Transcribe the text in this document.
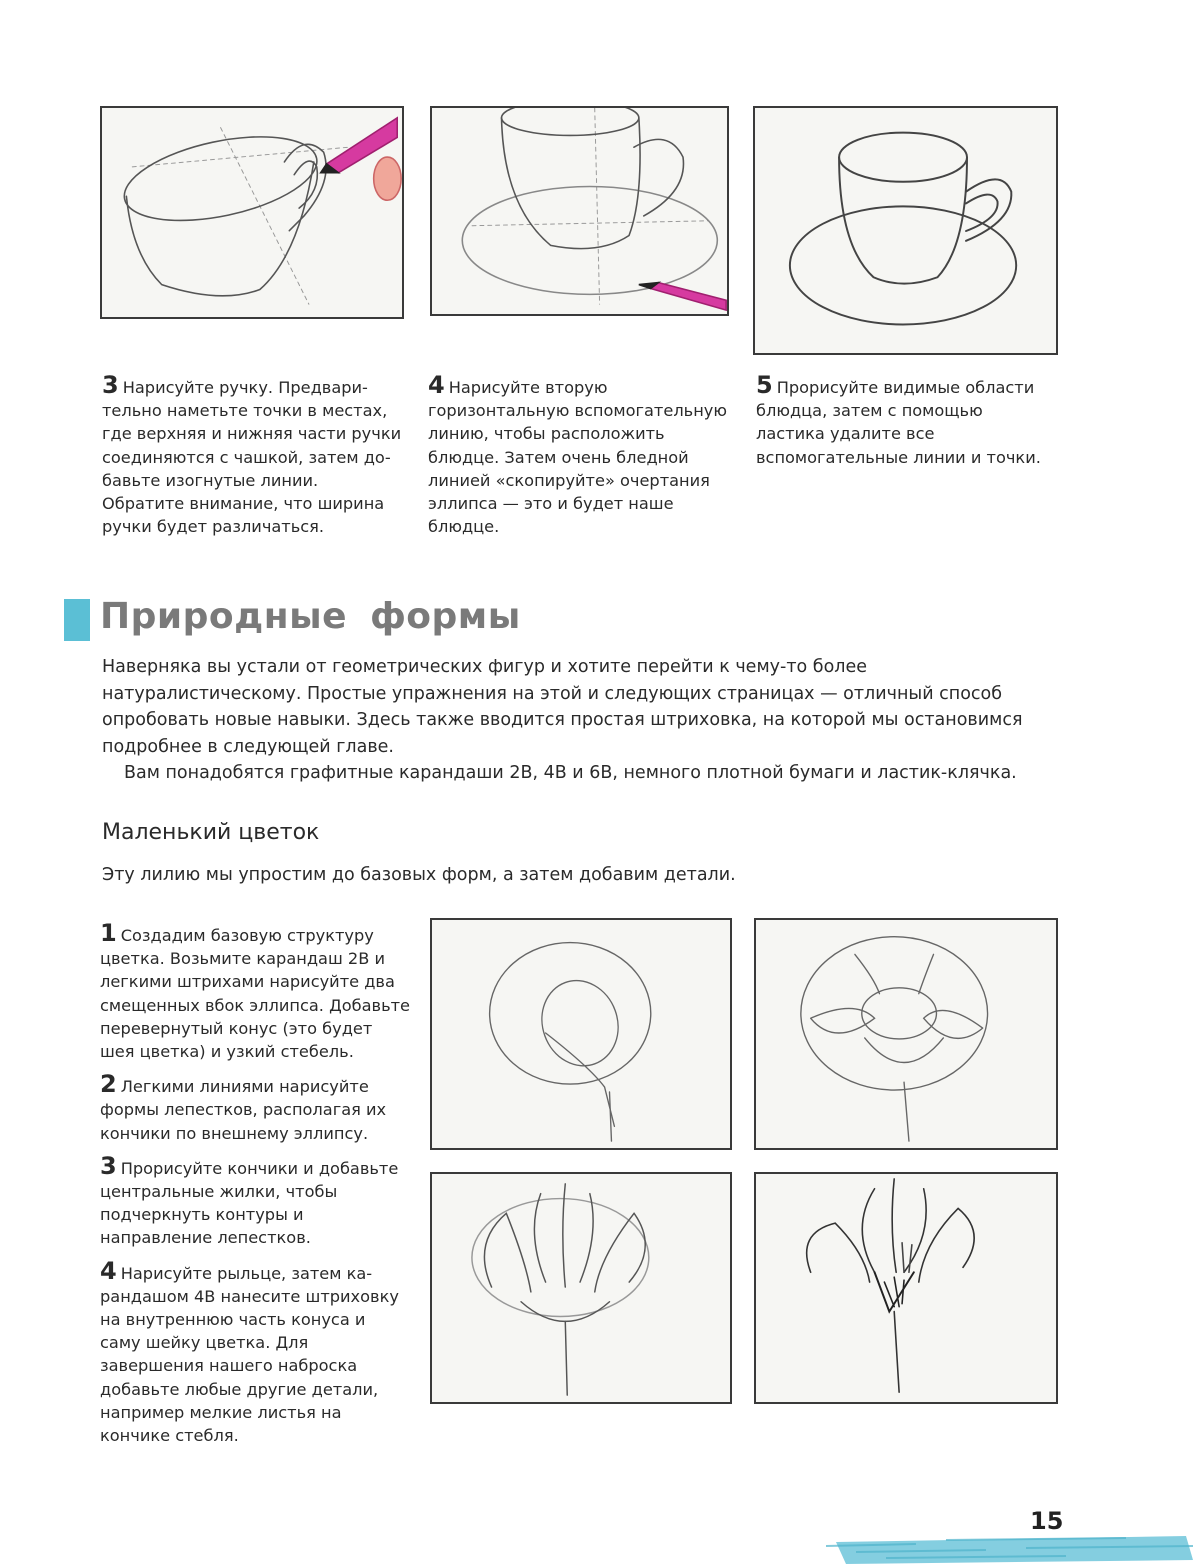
3 Нарисуйте ручку. Предвари-тельно наметьте точки в местах, где верхняя и нижняя части ручки соединяются с чашкой, затем до-бавьте изогнутые линии. Обратите внимание, что ширина ручки будет различаться.
4 Нарисуйте вторую горизонтальную вспомогательную линию, чтобы расположить блюдце. Затем очень бледной линией «скопируйте» очертания эллипса — это и будет наше блюдце.
5 Прорисуйте видимые области блюдца, затем с помощью ластика удалите все вспомогательные линии и точки.
Природные формы

Наверняка вы устали от геометрических фигур и хотите перейти к чему-то более натуралистическому. Простые упражнения на этой и следующих страницах — отличный способ опробовать новые навыки. Здесь также вводится простая штриховка, на которой мы остановимся подробнее в следующей главе.

Вам понадобятся графитные карандаши 2В, 4В и 6В, немного плотной бумаги и ластик-клячка.

Маленький цветок
Эту лилию мы упростим до базовых форм, а затем добавим детали.
1 Создадим базовую структуру цветка. Возьмите карандаш 2В и легкими штрихами нарисуйте два смещенных вбок эллипса. Добавьте перевернутый конус (это будет шея цветка) и узкий стебель.
2 Легкими линиями нарисуйте формы лепестков, располагая их кончики по внешнему эллипсу.
3 Прорисуйте кончики и добавьте центральные жилки, чтобы подчеркнуть контуры и направление лепестков.
4 Нарисуйте рыльце, затем ка-рандашом 4В нанесите штриховку на внутреннюю часть конуса и саму шейку цветка. Для завершения нашего наброска добавьте любые другие детали, например мелкие листья на кончике стебля.
15
